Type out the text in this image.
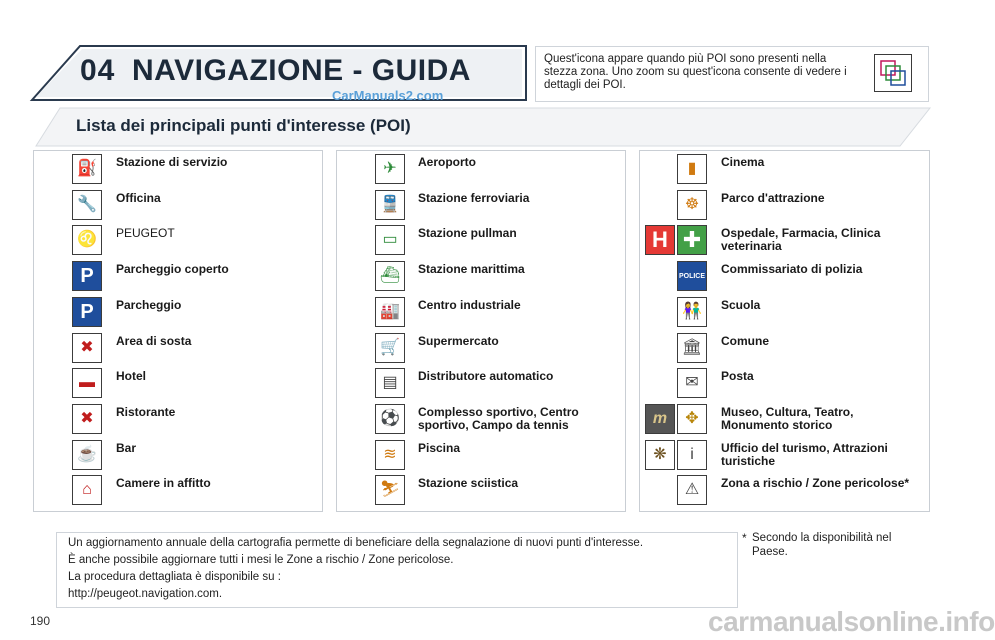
04 NAVIGAZIONE - GUIDA
CarManuals2.com
Quest'icona appare quando più POI sono presenti nella stezza zona. Uno zoom su quest'icona consente di vedere i dettagli dei POI.
Lista dei principali punti d'interesse (POI)
⛽ Stazione di servizio
🔧 Officina
♌ PEUGEOT
P Parcheggio coperto
P Parcheggio
✖ Area di sosta
▬ Hotel
✖ Ristorante
☕ Bar
⌂ Camere in affitto
✈ Aeroporto
🚆 Stazione ferroviaria
▭ Stazione pullman
⛴ Stazione marittima
🏭 Centro industriale
🛒 Supermercato
▤ Distributore automatico
⚽ Complesso sportivo, Centro sportivo, Campo da tennis
≋ Piscina
⛷ Stazione sciistica
▮ Cinema
☸ Parco d'attrazione
H ✚ Ospedale, Farmacia, Clinica veterinaria
POLICE Commissariato di polizia
👫 Scuola
🏛 Comune
✉ Posta
m ✥ Museo, Cultura, Teatro, Monumento storico
❋ i Ufficio del turismo, Attrazioni turistiche
⚠ Zona a rischio / Zone pericolose*
Un aggiornamento annuale della cartografia permette di beneficiare della segnalazione di nuovi punti d'interesse.
È anche possibile aggiornare tutti i mesi le Zone a rischio / Zone pericolose.
La procedura dettagliata è disponibile su :
http://peugeot.navigation.com.
* Secondo la disponibilità nel Paese.
190	carmanualsonline.info
